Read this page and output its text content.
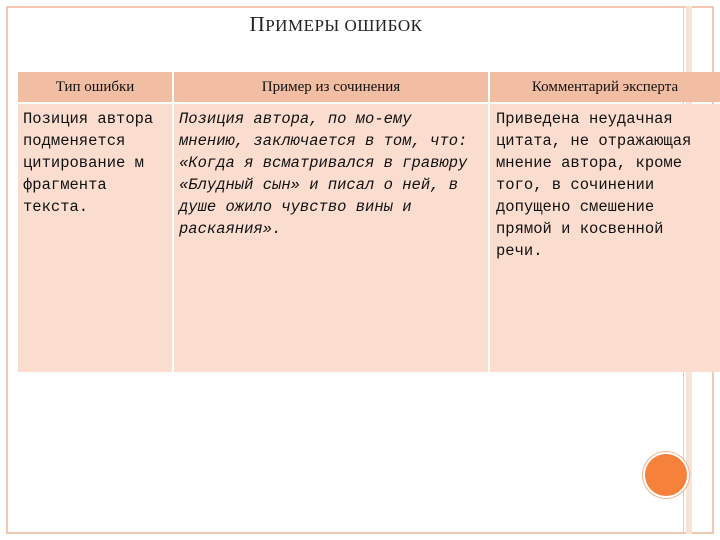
ПРИМЕРЫ ОШИБОК
Тип ошибки	Пример из сочинения	Комментарий эксперта
Позиция автора подменяется цитирование м фрагмента текста.
Позиция автора, по мо-ему мнению, заключается в том, что: «Когда я всматривался в гравюру «Блудный сын» и писал о ней, в душе ожило чувство вины и раскаяния».
Приведена неудачная цитата, не отражающая мнение автора, кроме того, в сочинении допущено смешение прямой и косвенной речи.
